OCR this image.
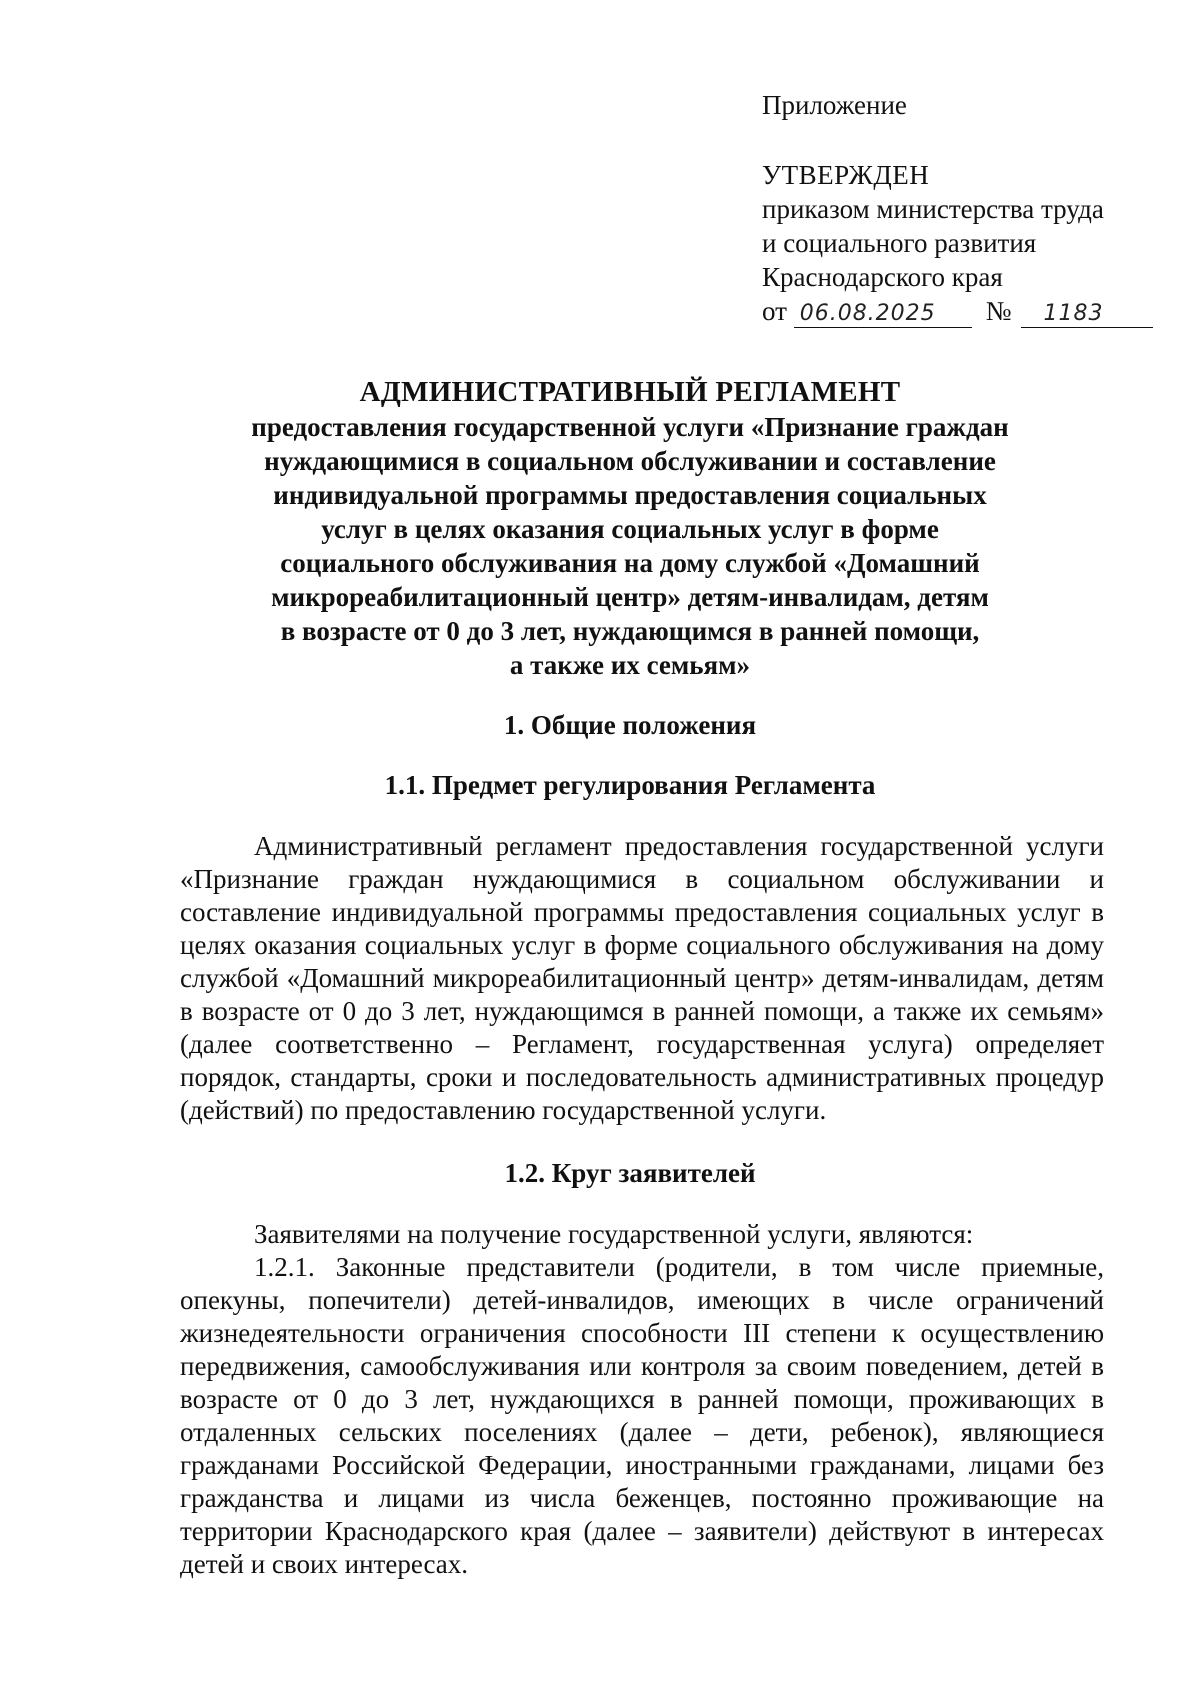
Приложение

УТВЕРЖДЕН

приказом министерства труда

и социального развития

Краснодарского края

от 06.08.2025 № 1183

АДМИНИСТРАТИВНЫЙ РЕГЛАМЕНТ

предоставления государственной услуги «Признание граждан

нуждающимися в социальном обслуживании и составление

индивидуальной программы предоставления социальных

услуг в целях оказания социальных услуг в форме

социального обслуживания на дому службой «Домашний

микрореабилитационный центр» детям-инвалидам, детям

в возрасте от 0 до 3 лет, нуждающимся в ранней помощи,

а также их семьям»

1. Общие положения

1.1. Предмет регулирования Регламента

Административный регламент предоставления государственной услуги «Признание граждан нуждающимися в социальном обслуживании и составление индивидуальной программы предоставления социальных услуг в целях оказания социальных услуг в форме социального обслуживания на дому службой «Домашний микрореабилитационный центр» детям-инвалидам, детям в возрасте от 0 до 3 лет, нуждающимся в ранней помощи, а также их семьям» (далее соответственно – Регламент, государственная услуга) определяет порядок, стандарты, сроки и последовательность административных процедур (действий) по предоставлению государственной услуги.

1.2. Круг заявителей

Заявителями на получение государственной услуги, являются:

1.2.1. Законные представители (родители, в том числе приемные, опекуны, попечители) детей-инвалидов, имеющих в числе ограничений жизнедеятельности ограничения способности III степени к осуществлению передвижения, самообслуживания или контроля за своим поведением, детей в возрасте от 0 до 3 лет, нуждающихся в ранней помощи, проживающих в отдаленных сельских поселениях (далее – дети, ребенок), являющиеся гражданами Российской Федерации, иностранными гражданами, лицами без гражданства и лицами из числа беженцев, постоянно проживающие на территории Краснодарского края (далее – заявители) действуют в интересах детей и своих интересах.
